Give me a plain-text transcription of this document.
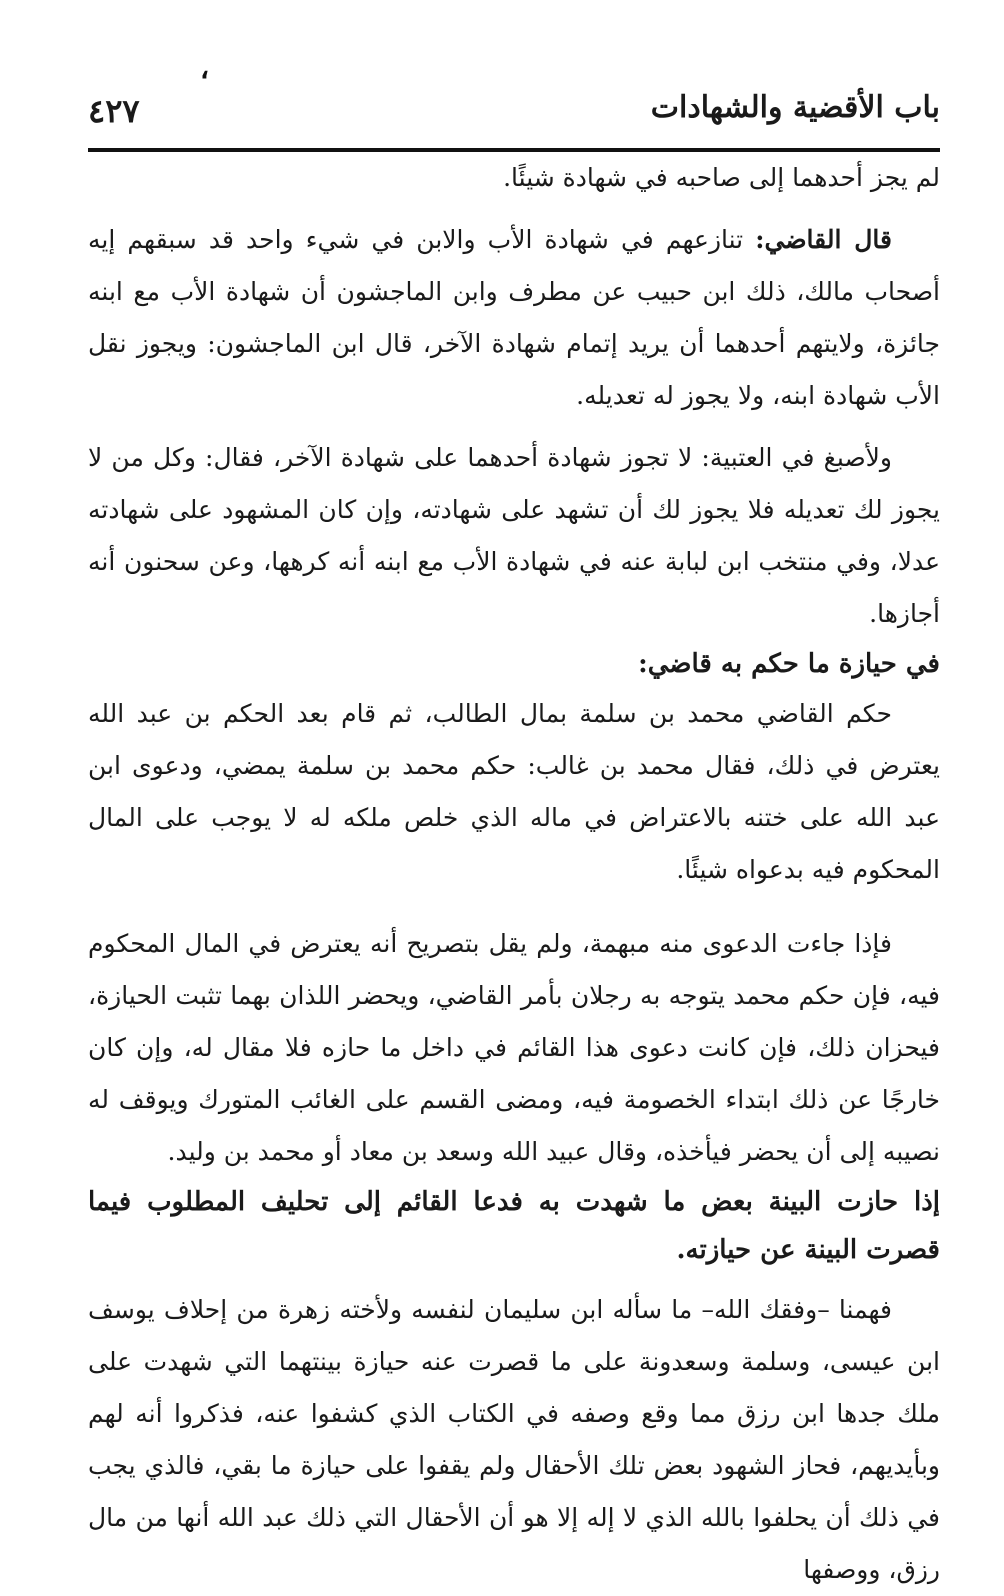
،
باب الأقضية والشهادات
٤٢٧

لم يجز أحدهما إلى صاحبه في شهادة شيئًا.

قال القاضي: تنازعهم في شهادة الأب والابن في شيء واحد قد سبقهم إيه أصحاب مالك، ذلك ابن حبيب عن مطرف وابن الماجشون أن شهادة الأب مع ابنه جائزة، ولايتهم أحدهما أن يريد إتمام شهادة الآخر، قال ابن الماجشون: ويجوز نقل الأب شهادة ابنه، ولا يجوز له تعديله.

ولأصبغ في العتبية: لا تجوز شهادة أحدهما على شهادة الآخر، فقال: وكل من لا يجوز لك تعديله فلا يجوز لك أن تشهد على شهادته، وإن كان المشهود على شهادته عدلا، وفي منتخب ابن لبابة عنه في شهادة الأب مع ابنه أنه كرهها، وعن سحنون أنه أجازها.

في حيازة ما حكم به قاضي:

حكم القاضي محمد بن سلمة بمال الطالب، ثم قام بعد الحكم بن عبد الله يعترض في ذلك، فقال محمد بن غالب: حكم محمد بن سلمة يمضي، ودعوى ابن عبد الله على ختنه بالاعتراض في ماله الذي خلص ملكه له لا يوجب على المال المحكوم فيه بدعواه شيئًا.

فإذا جاءت الدعوى منه مبهمة، ولم يقل بتصريح أنه يعترض في المال المحكوم فيه، فإن حكم محمد يتوجه به رجلان بأمر القاضي، ويحضر اللذان بهما تثبت الحيازة، فيحزان ذلك، فإن كانت دعوى هذا القائم في داخل ما حازه فلا مقال له، وإن كان خارجًا عن ذلك ابتداء الخصومة فيه، ومضى القسم على الغائب المتورك ويوقف له نصيبه إلى أن يحضر فيأخذه، وقال عبيد الله وسعد بن معاد أو محمد بن وليد.

إذا حازت البينة بعض ما شهدت به فدعا القائم إلى تحليف المطلوب فيما قصرت البينة عن حيازته.

فهمنا –وفقك الله– ما سأله ابن سليمان لنفسه ولأخته زهرة من إحلاف يوسف ابن عيسى، وسلمة وسعدونة على ما قصرت عنه حيازة بينتهما التي شهدت على ملك جدها ابن رزق مما وقع وصفه في الكتاب الذي كشفوا عنه، فذكروا أنه لهم وبأيديهم، فحاز الشهود بعض تلك الأحقال ولم يقفوا على حيازة ما بقي، فالذي يجب في ذلك أن يحلفوا بالله الذي لا إله إلا هو أن الأحقال التي ذلك عبد الله أنها من مال رزق، ووصفها
